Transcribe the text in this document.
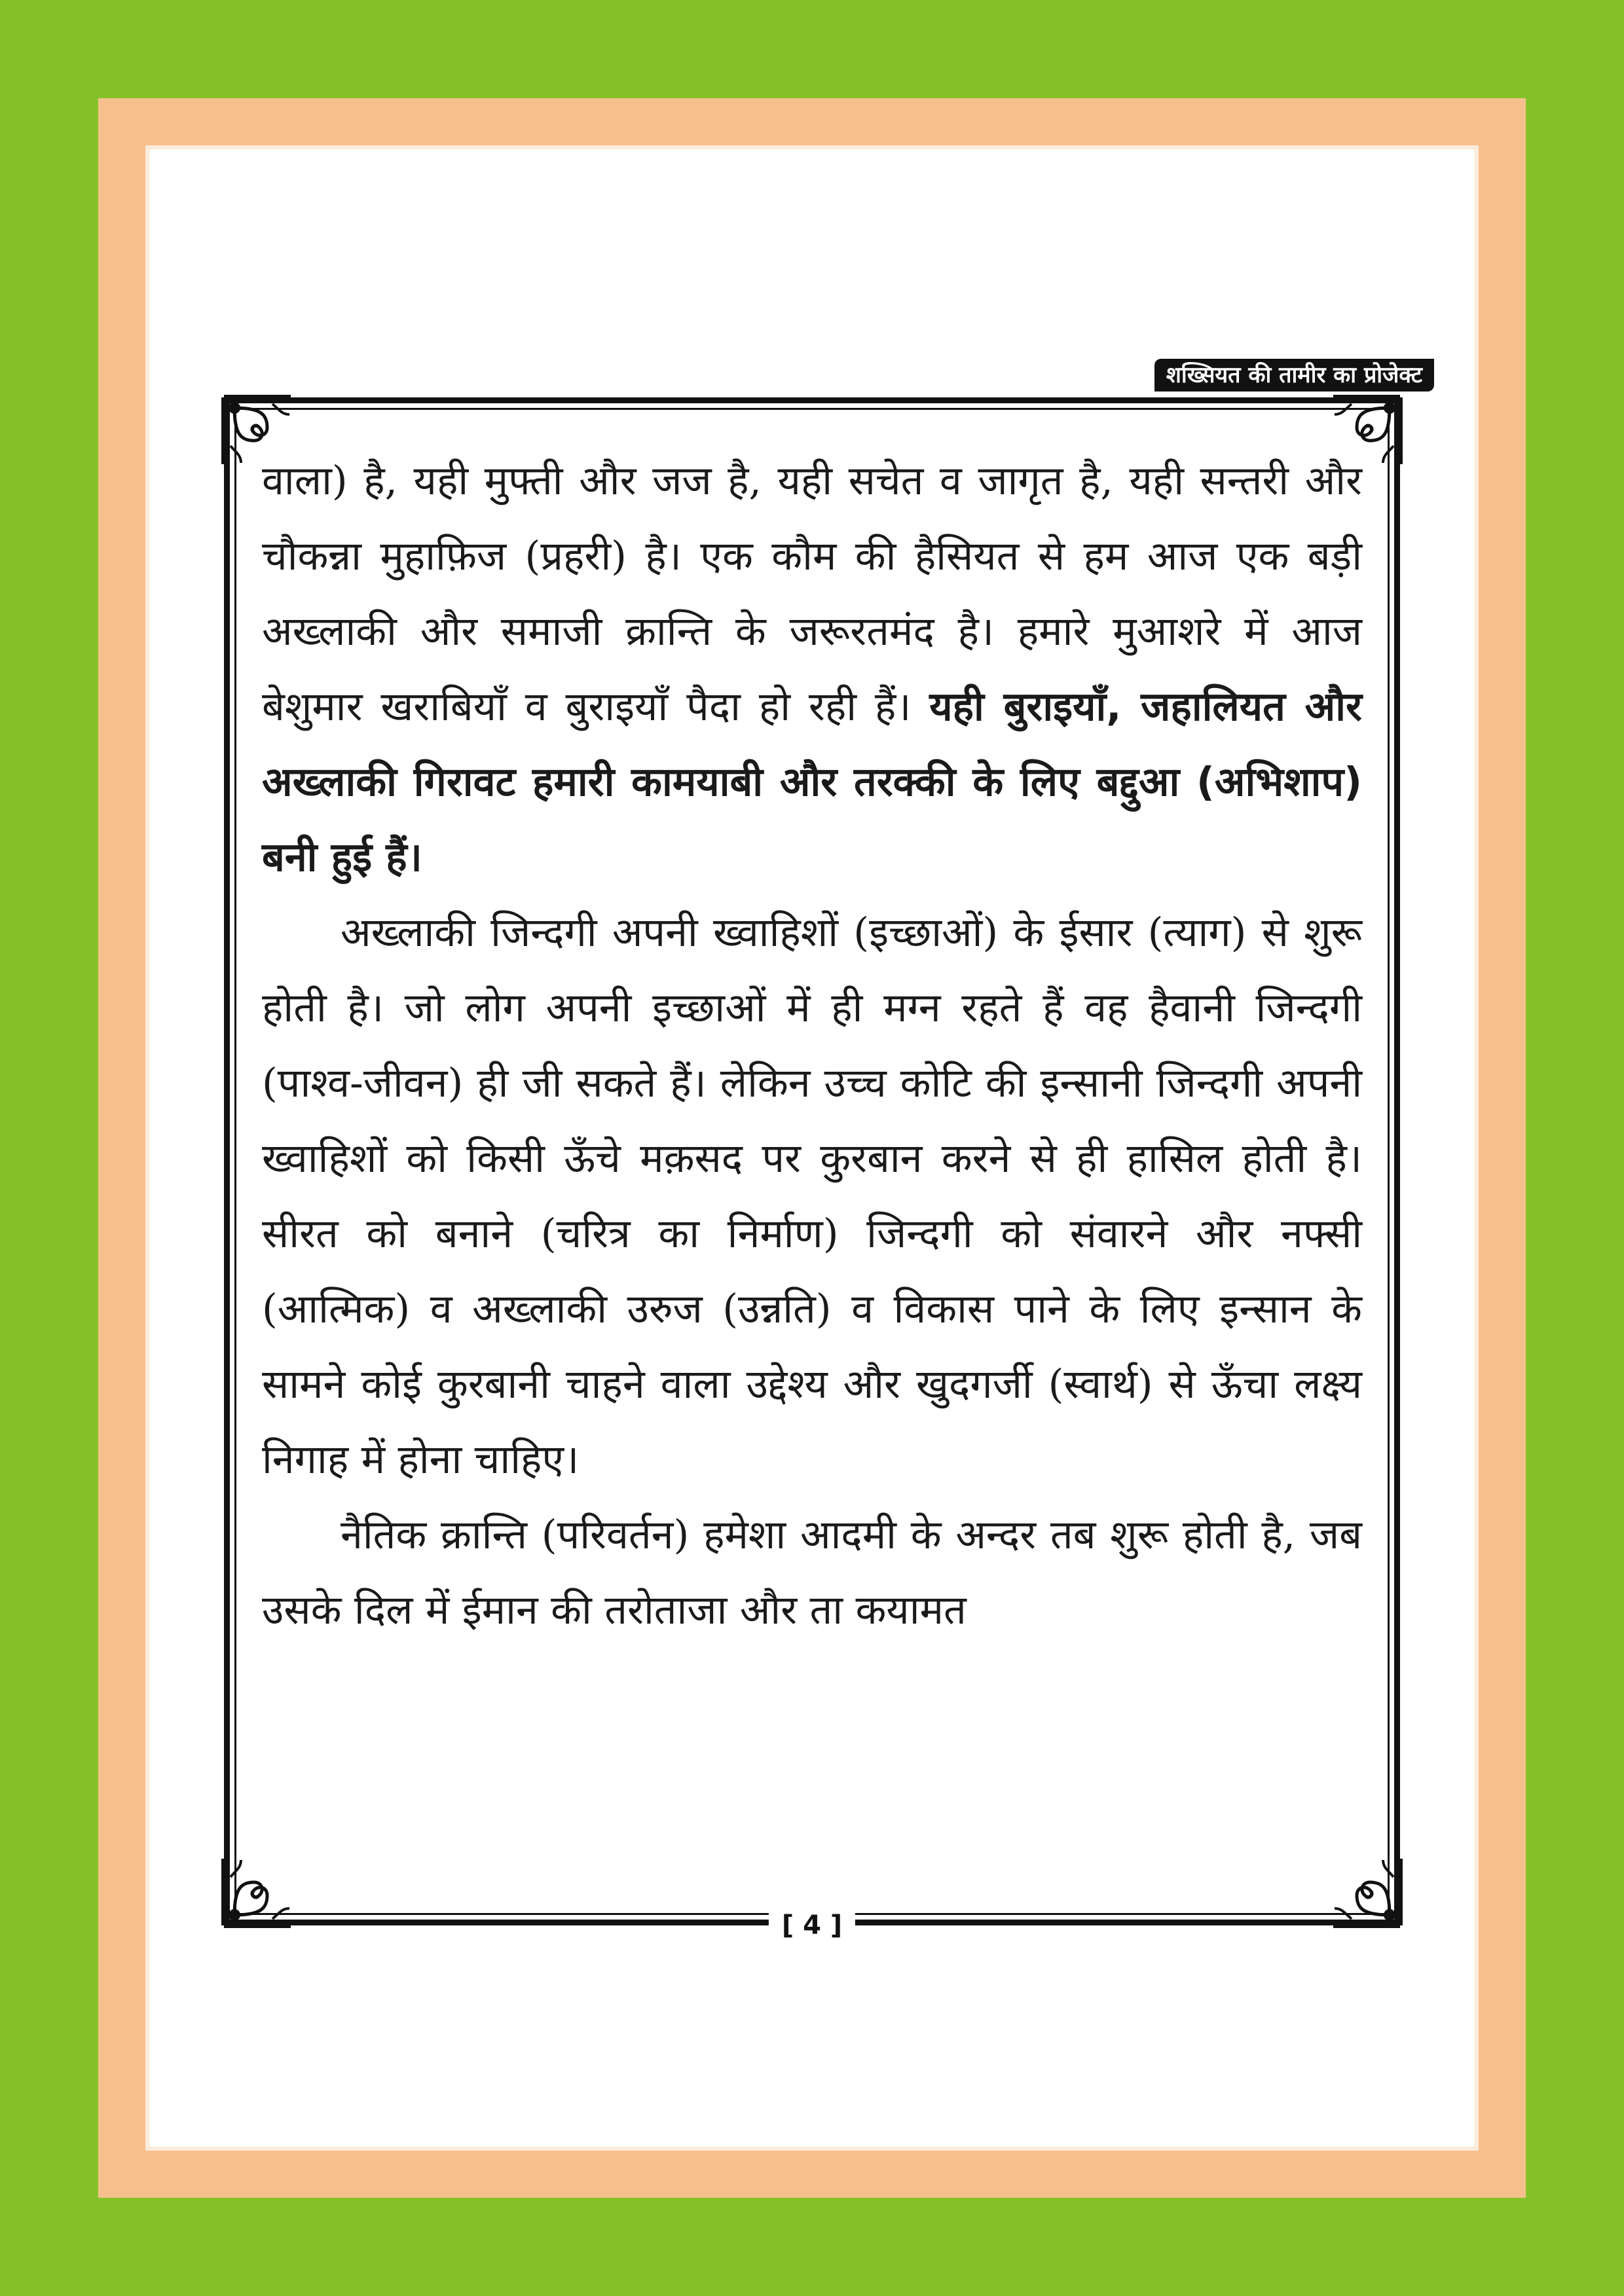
शख्सियत की तामीर का प्रोजेक्ट

वाला) है, यही मुफ्ती और जज है, यही सचेत व जागृत है, यही सन्तरी और चौकन्ना मुहाफ़िज (प्रहरी) है। एक कौम की हैसियत से हम आज एक बड़ी अख्लाकी और समाजी क्रान्ति के जरूरतमंद है। हमारे मुआशरे में आज बेशुमार खराबियाँ व बुराइयाँ पैदा हो रही हैं। यही बुराइयाँ, जहालियत और अख्लाकी गिरावट हमारी कामयाबी और तरक्की के लिए बद्दुआ (अभिशाप) बनी हुई हैं।

अख्लाकी जिन्दगी अपनी ख्वाहिशों (इच्छाओं) के ईसार (त्याग) से शुरू होती है। जो लोग अपनी इच्छाओं में ही मग्न रहते हैं वह हैवानी जिन्दगी (पाश्व-जीवन) ही जी सकते हैं। लेकिन उच्च कोटि की इन्सानी जिन्दगी अपनी ख्वाहिशों को किसी ऊँचे मक़सद पर कुरबान करने से ही हासिल होती है। सीरत को बनाने (चरित्र का निर्माण) जिन्दगी को संवारने और नफ्सी (आत्मिक) व अख्लाकी उरुज (उन्नति) व विकास पाने के लिए इन्सान के सामने कोई कुरबानी चाहने वाला उद्देश्य और खुदगर्जी (स्वार्थ) से ऊँचा लक्ष्य निगाह में होना चाहिए।

नैतिक क्रान्ति (परिवर्तन) हमेशा आदमी के अन्दर तब शुरू होती है, जब उसके दिल में ईमान की तरोताजा और ता कयामत

[ 4 ]
